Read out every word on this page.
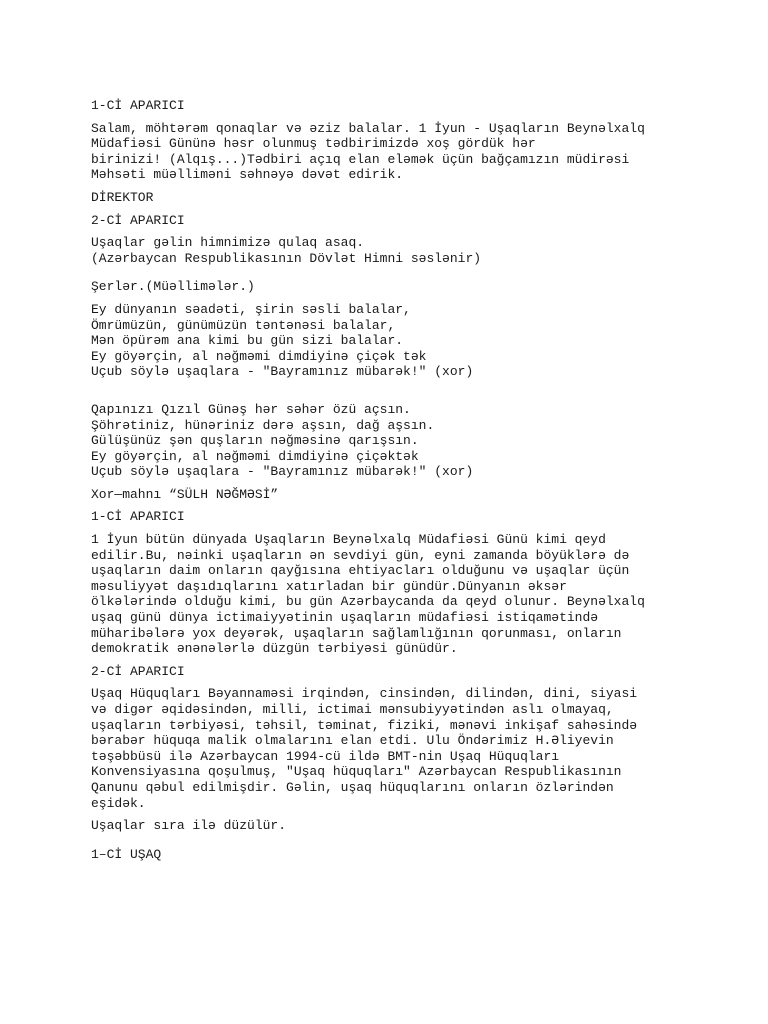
1-Cİ APARICI

Salam, möhtərəm qonaqlar və əziz balalar. 1 İyun - Uşaqların Beynəlxalq
Müdafiəsi Gününə həsr olunmuş tədbirimizdə xoş gördük hər
birinizi! (Alqış...)Tədbiri açıq elan eləmək üçün bağçamızın müdirəsi
Məhsəti müəllimәni səhnəyə dəvət edirik.

DİREKTOR

2-Cİ APARICI

Uşaqlar gəlin himnimizə qulaq asaq.
(Azərbaycan Respublikasının Dövlət Himni səslənir)

Şerlər.(Müəllimələr.)

Ey dünyanın səadəti, şirin səsli balalar,
Ömrümüzün, günümüzün təntənəsi balalar,
Mən öpürəm ana kimi bu gün sizi balalar.
Ey göyərçin, al nəğməmi dimdiyinə çiçək tək
Uçub söylə uşaqlara - "Bayramınız mübarək!" (xor)

Qapınızı Qızıl Günəş hər səhər özü açsın.
Şöhrətiniz, hünəriniz dərə aşsın, dağ aşsın.
Gülüşünüz şən quşların nəğməsinə qarışsın.
Ey göyərçin, al nəğməmi dimdiyinə çiçəktək
Uçub söylə uşaqlara - "Bayramınız mübarək!" (xor)

Xor—mahnı “SÜLH NƏĞMƏSİ”

1-Cİ APARICI

1 İyun bütün dünyada Uşaqların Beynəlxalq Müdafiəsi Günü kimi qeyd
edilir.Bu, nəinki uşaqların ən sevdiyi gün, eyni zamanda böyüklərə də
uşaqların daim onların qayğısına ehtiyacları olduğunu və uşaqlar üçün
məsuliyyət daşıdıqlarını xatırladan bir gündür.Dünyanın əksər
ölkələrində olduğu kimi, bu gün Azərbaycanda da qeyd olunur. Beynəlxalq
uşaq günü dünya ictimaiyyətinin uşaqların müdafiəsi istiqamətində
müharibələrə yox deyərək, uşaqların sağlamlığının qorunması, onların
demokratik ənənələrlə düzgün tərbiyəsi günüdür.

2-Cİ APARICI

Uşaq Hüquqları Bəyannaməsi irqindən, cinsindən, dilindən, dini, siyasi
və digər əqidəsindən, milli, ictimai mənsubiyyətindən aslı olmayaq,
uşaqların tərbiyəsi, təhsil, təminat, fiziki, mənəvi inkişaf sahəsində
bərabər hüquqa malik olmalarını elan etdi. Ulu Öndərimiz H.Əliyevin
təşəbbüsü ilə Azərbaycan 1994-cü ildə BMT-nin Uşaq Hüquqları
Konvensiyasına qoşulmuş, "Uşaq hüquqları" Azərbaycan Respublikasının
Qanunu qəbul edilmişdir. Gəlin, uşaq hüquqlarını onların özlərindən
eşidək.

Uşaqlar sıra ilə düzülür.

1–Cİ UŞAQ
